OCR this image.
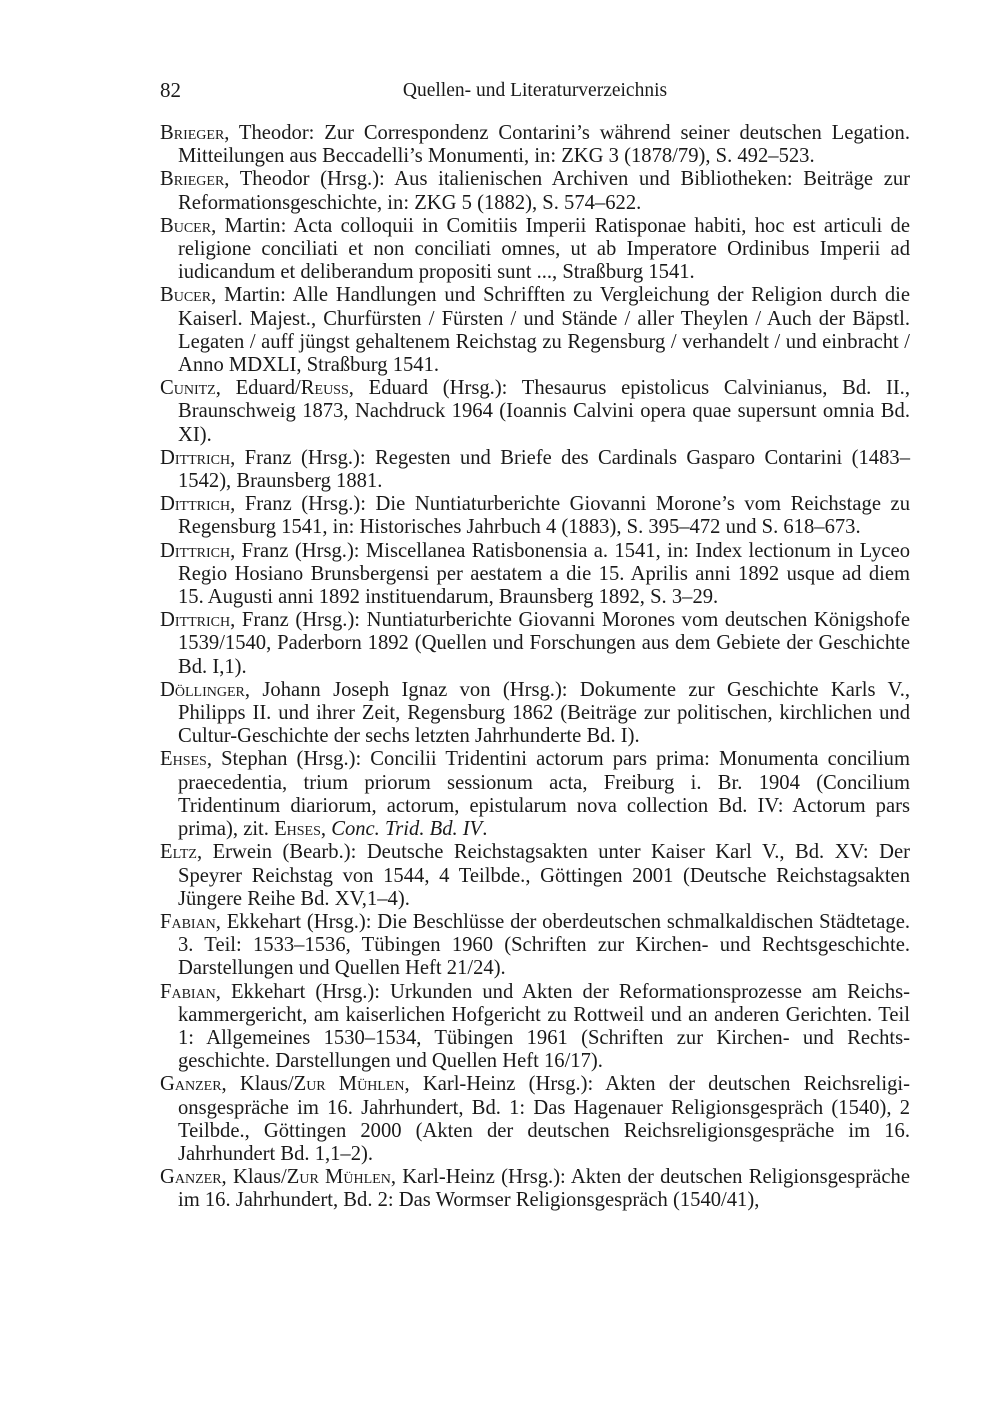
82	Quellen- und Literaturverzeichnis

Brieger, Theodor: Zur Correspondenz Contarini’s während seiner deutschen Legation. Mitteilungen aus Beccadelli’s Monumenti, in: ZKG 3 (1878/79), S. 492–523.

Brieger, Theodor (Hrsg.): Aus italienischen Archiven und Bibliotheken: Beiträge zur Reformationsgeschichte, in: ZKG 5 (1882), S. 574–622.

Bucer, Martin: Acta colloquii in Comitiis Imperii Ratisponae habiti, hoc est articuli de religione conciliati et non conciliati omnes, ut ab Imperatore Ordinibus Imperii ad iudicandum et deliberandum propositi sunt ..., Straßburg 1541.

Bucer, Martin: Alle Handlungen und Schrifften zu Vergleichung der Religion durch die Kaiserl. Majest., Churfürsten / Fürsten / und Stände / aller Theylen / Auch der Bäpstl. Legaten / auff jüngst gehaltenem Reichstag zu Regensburg / verhandelt / und einbracht / Anno MDXLI, Straßburg 1541.

Cunitz, Eduard/Reuss, Eduard (Hrsg.): Thesaurus epistolicus Calvinianus, Bd. II., Braunschweig 1873, Nachdruck 1964 (Ioannis Calvini opera quae supersunt omnia Bd. XI).

Dittrich, Franz (Hrsg.): Regesten und Briefe des Cardinals Gasparo Contarini (1483–1542), Braunsberg 1881.

Dittrich, Franz (Hrsg.): Die Nuntiaturberichte Giovanni Morone’s vom Reichstage zu Regensburg 1541, in: Historisches Jahrbuch 4 (1883), S. 395–472 und S. 618–673.

Dittrich, Franz (Hrsg.): Miscellanea Ratisbonensia a. 1541, in: Index lectionum in Lyceo Regio Hosiano Brunsbergensi per aestatem a die 15. Aprilis anni 1892 usque ad diem 15. Augusti anni 1892 instituendarum, Braunsberg 1892, S. 3–29.

Dittrich, Franz (Hrsg.): Nuntiaturberichte Giovanni Morones vom deutschen Königshofe 1539/1540, Paderborn 1892 (Quellen und Forschungen aus dem Gebiete der Geschichte Bd. I,1).

Döllinger, Johann Joseph Ignaz von (Hrsg.): Dokumente zur Geschichte Karls V., Philipps II. und ihrer Zeit, Regensburg 1862 (Beiträge zur politischen, kirchlichen und Cultur-Geschichte der sechs letzten Jahrhunderte Bd. I).

Ehses, Stephan (Hrsg.): Concilii Tridentini actorum pars prima: Monumenta concilium praecedentia, trium priorum sessionum acta, Freiburg i. Br. 1904 (Concilium Tridentinum diariorum, actorum, epistularum nova collection Bd. IV: Actorum pars prima), zit. Ehses, Conc. Trid. Bd. IV.

Eltz, Erwein (Bearb.): Deutsche Reichstagsakten unter Kaiser Karl V., Bd. XV: Der Speyrer Reichstag von 1544, 4 Teilbde., Göttingen 2001 (Deutsche Reichstagsakten Jüngere Reihe Bd. XV,1–4).

Fabian, Ekkehart (Hrsg.): Die Beschlüsse der oberdeutschen schmalkaldischen Städtetage. 3. Teil: 1533–1536, Tübingen 1960 (Schriften zur Kirchen- und Rechtsgeschichte. Darstellungen und Quellen Heft 21/24).

Fabian, Ekkehart (Hrsg.): Urkunden und Akten der Reformationsprozesse am Reichskammergericht, am kaiserlichen Hofgericht zu Rottweil und an anderen Gerichten. Teil 1: Allgemeines 1530–1534, Tübingen 1961 (Schriften zur Kirchen- und Rechtsgeschichte. Darstellungen und Quellen Heft 16/17).

Ganzer, Klaus/Zur Mühlen, Karl-Heinz (Hrsg.): Akten der deutschen Reichsreligionsgespräche im 16. Jahrhundert, Bd. 1: Das Hagenauer Religionsgespräch (1540), 2 Teilbde., Göttingen 2000 (Akten der deutschen Reichsreligionsgespräche im 16. Jahrhundert Bd. 1,1–2).

Ganzer, Klaus/Zur Mühlen, Karl-Heinz (Hrsg.): Akten der deutschen Religionsgespräche im 16. Jahrhundert, Bd. 2: Das Wormser Religionsgespräch (1540/41),
